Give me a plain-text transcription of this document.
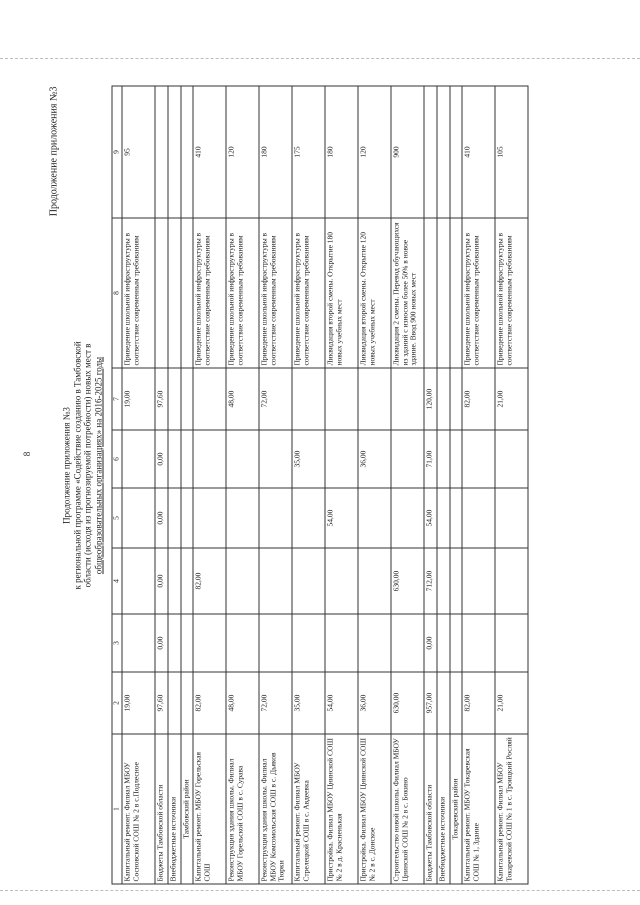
8
Продолжение приложения №3
Продолжение приложения №3 к региональной программе «Содействие созданию в Тамбовской области (исходя из прогнозируемой потребности) новых мест в общеобразовательных организациях» на 2016-2025 годы
1	2	3	4	5	6	7	8	9
Капитальный ремонт. Филиал МБОУ Сосновской СОШ № 2 в с.Подлесное	19,00					19,00	Приведение школьной инфраструктуры в соответствие современным требованиям	95
Бюджеты Тамбовской области	97,60	0,00	0,00	0,00	0,00	97,60		
Внебюджетные источники								
Тамбовский район								
Капитальный ремонт. МБОУ Горельская СОШ	82,00		82,00				Приведение школьной инфраструктуры в соответствие современным требованиям	410
Реконструкция здания школы. Филиал МБОУ Горельской СОШ в с. Сурава	48,00					48,00	Приведение школьной инфраструктуры в соответствие современным требованиям	120
Реконструкция здания школы. Филиал МБОУ Комсомольская СОШ в с. Дьяков Тюрки	72,00					72,00	Приведение школьной инфраструктуры в соответствие современным требованиям	180
Капитальный ремонт. Филиал МБОУ Стрелецкой СОШ в с. Авдеевка	35,00				35,00		Приведение школьной инфраструктуры в соответствие современным требованиям	175
Пристройка. Филиал МБОУ Цнинской СОШ № 2 в д. Красненькая	54,00			54,00			Ликвидация второй смены. Открытие 180 новых учебных мест	180
Пристройка. Филиал МБОУ Цнинской СОШ № 2 в с. Донское	36,00				36,00		Ликвидация второй смены. Открытие 120 новых учебных мест	120
Строительство новой школы. Филиал МБОУ Цнинской СОШ № 2 в с. Бокино	630,00		630,00				Ликвидация 2 смены. Перевод обучающихся из зданий с износом более 50% в новое здание. Ввод 900 новых мест	900
Бюджеты Тамбовской области	957,00	0,00	712,00	54,00	71,00	120,00		
Внебюджетные источники								
Токаревский район								
Капитальный ремонт. МБОУ Токаревская СОШ № 1, Здание	82,00					82,00	Приведение школьной инфраструктуры в соответствие современным требованиям	410
Капитальный ремонт. Филиал МБОУ Токаревской СОШ № 1 в с. Троицкий Росляй	21,00					21,00	Приведение школьной инфраструктуры в соответствие современным требованиям	105
